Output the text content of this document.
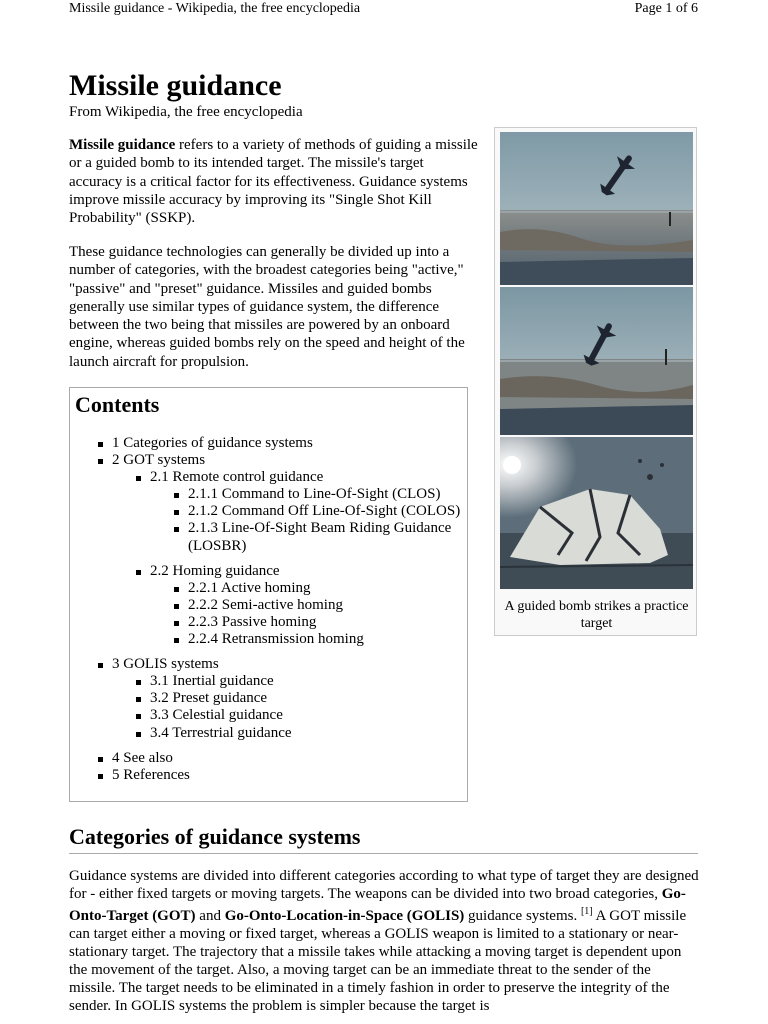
Missile guidance - Wikipedia, the free encyclopedia	Page 1 of 6
Missile guidance
From Wikipedia, the free encyclopedia

Missile guidance refers to a variety of methods of guiding a missile or a guided bomb to its intended target. The missile's target accuracy is a critical factor for its effectiveness. Guidance systems improve missile accuracy by improving its "Single Shot Kill Probability" (SSKP).

These guidance technologies can generally be divided up into a number of categories, with the broadest categories being "active," "passive" and "preset" guidance. Missiles and guided bombs generally use similar types of guidance system, the difference between the two being that missiles are powered by an onboard engine, whereas guided bombs rely on the speed and height of the launch aircraft for propulsion.

Contents
1 Categories of guidance systems
2 GOT systems
2.1 Remote control guidance
2.1.1 Command to Line-Of-Sight (CLOS)
2.1.2 Command Off Line-Of-Sight (COLOS)
2.1.3 Line-Of-Sight Beam Riding Guidance (LOSBR)
2.2 Homing guidance
2.2.1 Active homing
2.2.2 Semi-active homing
2.2.3 Passive homing
2.2.4 Retransmission homing
3 GOLIS systems
3.1 Inertial guidance
3.2 Preset guidance
3.3 Celestial guidance
3.4 Terrestrial guidance
4 See also
5 References
A guided bomb strikes a practice target
Categories of guidance systems

Guidance systems are divided into different categories according to what type of target they are designed for - either fixed targets or moving targets. The weapons can be divided into two broad categories, Go-Onto-Target (GOT) and Go-Onto-Location-in-Space (GOLIS) guidance systems. [1] A GOT missile can target either a moving or fixed target, whereas a GOLIS weapon is limited to a stationary or near-stationary target. The trajectory that a missile takes while attacking a moving target is dependent upon the movement of the target. Also, a moving target can be an immediate threat to the sender of the missile. The target needs to be eliminated in a timely fashion in order to preserve the integrity of the sender. In GOLIS systems the problem is simpler because the target is
